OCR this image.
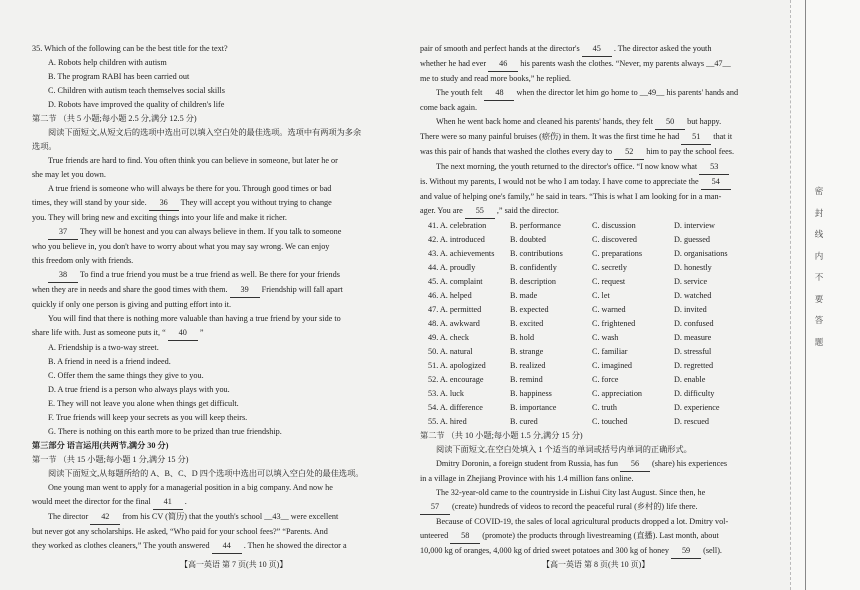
35. Which of the following can be the best title for the text?

A. Robots help children with autism

B. The program RABI has been carried out

C. Children with autism teach themselves social skills

D. Robots have improved the quality of children's life

第二节 （共 5 小题;每小题 2.5 分,满分 12.5 分)

阅读下面短文,从短文后的选项中选出可以填入空白处的最佳选项。选项中有两项为多余

选项。

True friends are hard to find. You often think you can believe in someone, but later he or

she may let you down.

A true friend is someone who will always be there for you. Through good times or bad

times, they will stand by your side. 36 They will accept you without trying to change

you. They will bring new and exciting things into your life and make it richer.

37 They will be honest and you can always believe in them. If you talk to someone

who you believe in, you don't have to worry about what you may say wrong. We can enjoy

this freedom only with friends.

38 To find a true friend you must be a true friend as well. Be there for your friends

when they are in needs and share the good times with them. 39 Friendship will fall apart

quickly if only one person is giving and putting effort into it.

You will find that there is nothing more valuable than having a true friend by your side to

share life with. Just as someone puts it, “ 40 ”

A. Friendship is a two-way street.

B. A friend in need is a friend indeed.

C. Offer them the same things they give to you.

D. A true friend is a person who always plays with you.

E. They will not leave you alone when things get difficult.

F. True friends will keep your secrets as you will keep theirs.

G. There is nothing on this earth more to be prized than true friendship.

第三部分 语言运用(共两节,满分 30 分)

第一节 （共 15 小题;每小题 1 分,满分 15 分)

阅读下面短文,从每题所给的 A、B、C、D 四个选项中选出可以填入空白处的最佳选项。

One young man went to apply for a managerial position in a big company. And now he

would meet the director for the final 41 .

The director 42 from his CV (简历) that the youth's school __43__ were excellent

but never got any scholarships. He asked, “Who paid for your school fees?” “Parents. And

they worked as clothes cleaners,” The youth answered 44 . Then he showed the director a

【高一英语 第 7 页(共 10 页)】

pair of smooth and perfect hands at the director's 45 . The director asked the youth

whether he had ever 46 his parents wash the clothes. “Never, my parents always __47__

me to study and read more books,” he replied.

The youth felt 48 when the director let him go home to __49__ his parents' hands and

come back again.

When he went back home and cleaned his parents' hands, they felt 50 but happy.

There were so many painful bruises (瘀伤) in them. It was the first time he had 51 that it

was this pair of hands that washed the clothes every day to 52 him to pay the school fees.

The next morning, the youth returned to the director's office. “I now know what 53

is. Without my parents, I would not be who I am today. I have come to appreciate the 54

and value of helping one's family,” he said in tears. “This is what I am looking for in a man-

ager. You are 55 ,” said the director.

41. A. celebration	B. performance	C. discussion	D. interview
42. A. introduced	B. doubted	C. discovered	D. guessed
43. A. achievements	B. contributions	C. preparations	D. organisations
44. A. proudly	B. confidently	C. secretly	D. honestly
45. A. complaint	B. description	C. request	D. service
46. A. helped	B. made	C. let	D. watched
47. A. permitted	B. expected	C. warned	D. invited
48. A. awkward	B. excited	C. frightened	D. confused
49. A. check	B. hold	C. wash	D. measure
50. A. natural	B. strange	C. familiar	D. stressful
51. A. apologized	B. realized	C. imagined	D. regretted
52. A. encourage	B. remind	C. force	D. enable
53. A. luck	B. happiness	C. appreciation	D. difficulty
54. A. difference	B. importance	C. truth	D. experience
55. A. hired	B. cured	C. touched	D. rescued

第二节 （共 10 小题;每小题 1.5 分,满分 15 分)

阅读下面短文,在空白处填入 1 个适当的单词或括号内单词的正确形式。

Dmitry Doronin, a foreign student from Russia, has fun 56 (share) his experiences

in a village in Zhejiang Province with his 1.4 million fans online.

The 32-year-old came to the countryside in Lishui City last August. Since then, he

57 (create) hundreds of videos to record the peaceful rural (乡村的) life there.

Because of COVID-19, the sales of local agricultural products dropped a lot. Dmitry vol-

unteered 58 (promote) the products through livestreaming (直播). Last month, about

10,000 kg of oranges, 4,000 kg of dried sweet potatoes and 300 kg of honey 59 (sell).

【高一英语 第 8 页(共 10 页)】
密
封
线
内
不
要
答
题
